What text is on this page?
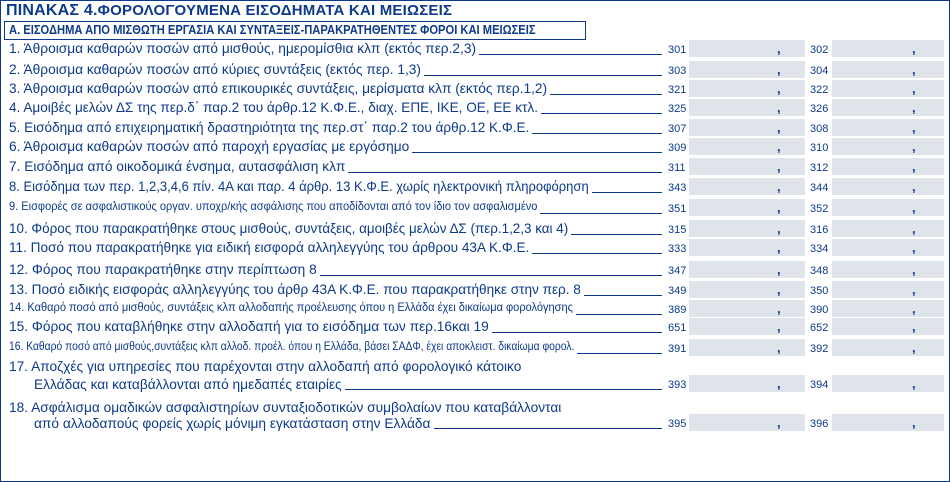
ΠΙΝΑΚΑΣ 4.ΦΟΡΟΛΟΓΟΥΜΕΝΑ ΕΙΣΟΔΗΜΑΤΑ ΚΑΙ ΜΕΙΩΣΕΙΣ
Α. ΕΙΣΟΔΗΜΑ ΑΠΟ ΜΙΣΘΩΤΗ ΕΡΓΑΣΙΑ ΚΑΙ ΣΥΝΤΑΞΕΙΣ-ΠΑΡΑΚΡΑΤΗΘΕΝΤΕΣ ΦΟΡΟΙ ΚΑΙ ΜΕΙΩΣΕΙΣ
1. Άθροισμα καθαρών ποσών από μισθούς, ημερομίσθια κλπ (εκτός περ.2,3)	301	,	302	,
2. Άθροισμα καθαρών ποσών από κύριες συντάξεις (εκτός περ. 1,3)	303	,	304	,
3. Άθροισμα καθαρών ποσών από επικουρικές συντάξεις, μερίσματα κλπ (εκτός περ.1,2)	321	,	322	,
4. Αμοιβές μελών ΔΣ της περ.δ΄ παρ.2 του άρθρ.12 Κ.Φ.Ε., διαχ. ΕΠΕ, ΙΚΕ, ΟΕ, ΕΕ κτλ.	325	,	326	,
5. Εισόδημα από επιχειρηματική δραστηριότητα της περ.στ΄ παρ.2 του άρθρ.12 Κ.Φ.Ε.	307	,	308	,
6. Άθροισμα καθαρών ποσών από παροχή εργασίας με εργόσημο	309	,	310	,
7. Εισόδημα από οικοδομικά ένσημα, αυτασφάλιση κλπ	311	,	312	,
8. Εισόδημα των περ. 1,2,3,4,6 πίν. 4Α και παρ. 4 άρθρ. 13 Κ.Φ.Ε. χωρίς ηλεκτρονική πληροφόρηση	343	,	344	,
9. Εισφορές σε ασφαλιστικούς οργαν. υποχρ/κής ασφάλισης που αποδίδονται από τον ίδιο τον ασφαλισμένο	351	,	352	,
10. Φόρος που παρακρατήθηκε στους μισθούς, συντάξεις, αμοιβές μελών ΔΣ (περ.1,2,3 και 4)	315	,	316	,
11. Ποσό που παρακρατήθηκε για ειδική εισφορά αλληλεγγύης του άρθρου 43Α Κ.Φ.Ε.	333	,	334	,
12. Φόρος που παρακρατήθηκε στην περίπτωση 8	347	,	348	,
13. Ποσό ειδικής εισφοράς αλληλεγγύης του άρθρ 43Α Κ.Φ.Ε. που παρακρατήθηκε στην περ. 8	349	,	350	,
14. Καθαρό ποσό από μισθούς, συντάξεις κλπ αλλοδαπής προέλευσης όπου η Ελλάδα έχει δικαίωμα φορολόγησης	389	,	390	,
15. Φόρος που καταβλήθηκε στην αλλοδαπή για το εισόδημα των περ.16και 19	651	,	652	,
16. Καθαρό ποσό από μισθούς,συντάξεις κλπ αλλοδ. προέλ. όπου η Ελλάδα, βάσει ΣΑΔΦ, έχει αποκλειστ. δικαίωμα φορολ.	391	,	392	,
17. Αποζχές για υπηρεσίες που παρέχονται στην αλλοδαπή από φορολογικό κάτοικο
Ελλάδας και καταβάλλονται από ημεδαπές εταιρίες	393	,	394	,
18. Ασφάλισμα ομαδικών ασφαλιστηρίων συνταξιοδοτικών συμβολαίων που καταβάλλονται
από αλλοδαπούς φορείς χωρίς μόνιμη εγκατάσταση στην Ελλάδα	395	,	396	,
